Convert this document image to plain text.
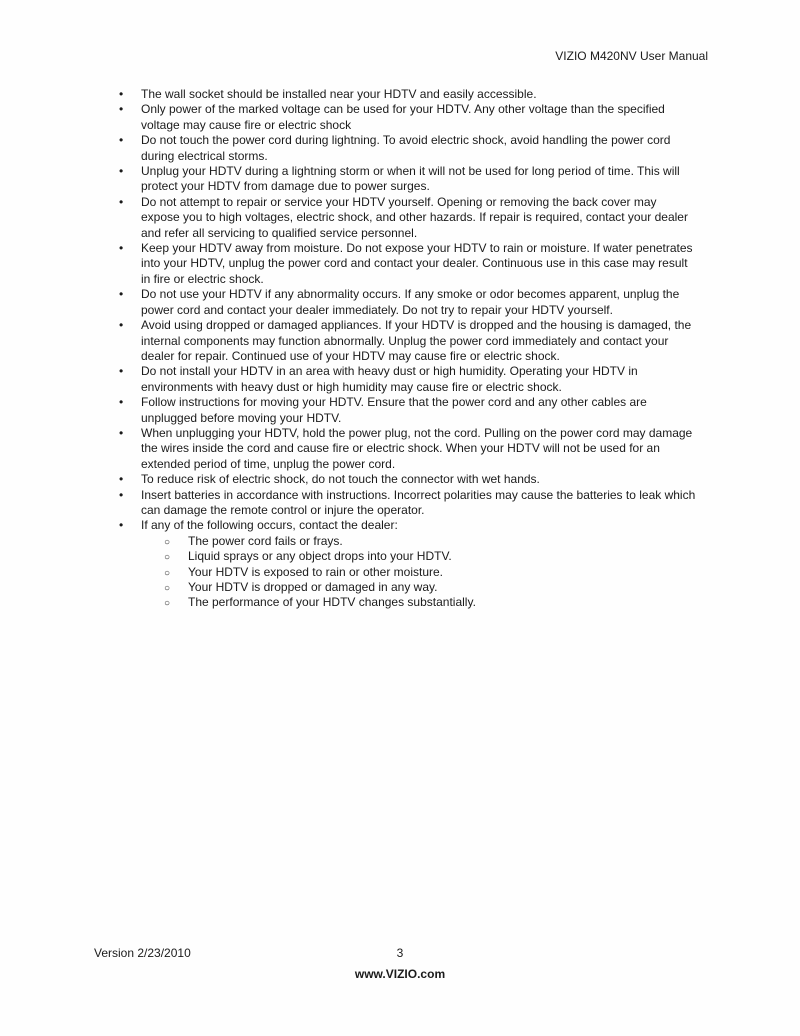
VIZIO M420NV User Manual
• The wall socket should be installed near your HDTV and easily accessible.
• Only power of the marked voltage can be used for your HDTV. Any other voltage than the specified voltage may cause fire or electric shock
• Do not touch the power cord during lightning. To avoid electric shock, avoid handling the power cord during electrical storms.
• Unplug your HDTV during a lightning storm or when it will not be used for long period of time. This will protect your HDTV from damage due to power surges.
• Do not attempt to repair or service your HDTV yourself. Opening or removing the back cover may expose you to high voltages, electric shock, and other hazards. If repair is required, contact your dealer and refer all servicing to qualified service personnel.
• Keep your HDTV away from moisture. Do not expose your HDTV to rain or moisture. If water penetrates into your HDTV, unplug the power cord and contact your dealer. Continuous use in this case may result in fire or electric shock.
• Do not use your HDTV if any abnormality occurs. If any smoke or odor becomes apparent, unplug the power cord and contact your dealer immediately. Do not try to repair your HDTV yourself.
• Avoid using dropped or damaged appliances. If your HDTV is dropped and the housing is damaged, the internal components may function abnormally. Unplug the power cord immediately and contact your dealer for repair. Continued use of your HDTV may cause fire or electric shock.
• Do not install your HDTV in an area with heavy dust or high humidity. Operating your HDTV in environments with heavy dust or high humidity may cause fire or electric shock.
• Follow instructions for moving your HDTV. Ensure that the power cord and any other cables are unplugged before moving your HDTV.
• When unplugging your HDTV, hold the power plug, not the cord. Pulling on the power cord may damage the wires inside the cord and cause fire or electric shock. When your HDTV will not be used for an extended period of time, unplug the power cord.
• To reduce risk of electric shock, do not touch the connector with wet hands.
• Insert batteries in accordance with instructions. Incorrect polarities may cause the batteries to leak which can damage the remote control or injure the operator.
• If any of the following occurs, contact the dealer:
○ The power cord fails or frays.
○ Liquid sprays or any object drops into your HDTV.
○ Your HDTV is exposed to rain or other moisture.
○ Your HDTV is dropped or damaged in any way.
○ The performance of your HDTV changes substantially.
Version 2/23/2010	3
www.VIZIO.com
